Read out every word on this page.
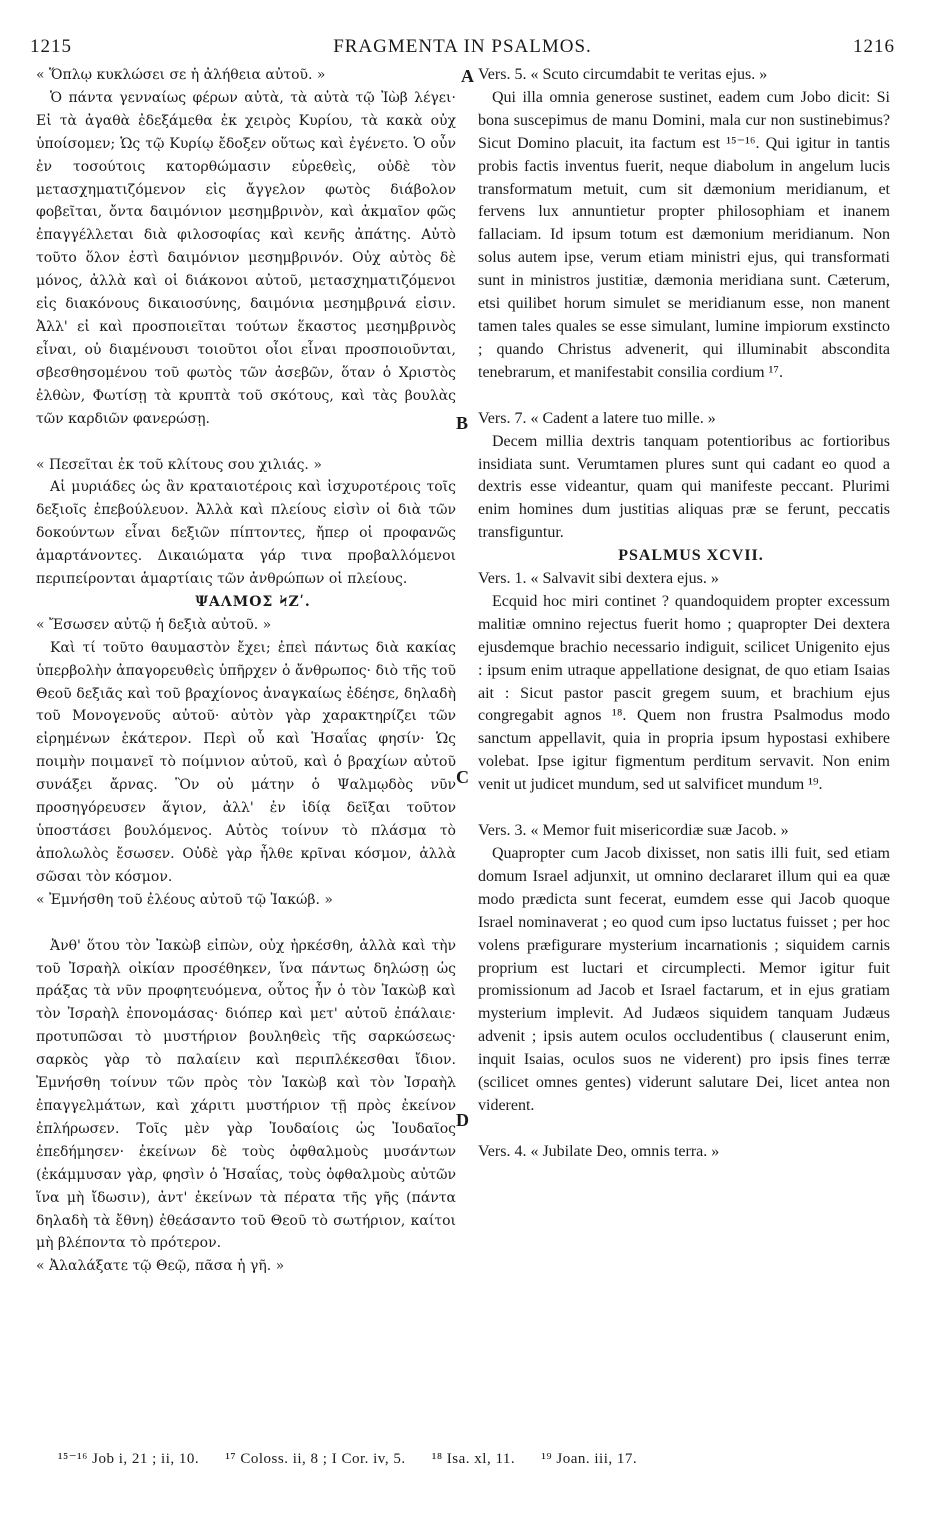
1215	FRAGMENTA IN PSALMOS.	1216
A
B
C
D

« Ὅπλῳ κυκλώσει σε ἡ ἀλήθεια αὐτοῦ. »

Ὁ πάντα γενναίως φέρων αὐτὰ, τὰ αὐτὰ τῷ Ἰὼβ λέγει· Εἰ τὰ ἀγαθὰ ἐδεξάμεθα ἐκ χειρὸς Κυρίου, τὰ κακὰ οὐχ ὑποίσομεν; Ὡς τῷ Κυρίῳ ἔδοξεν οὕτως καὶ ἐγένετο. Ὁ οὖν ἐν τοσούτοις κατορθώμασιν εὑρεθεὶς, οὐδὲ τὸν μετασχηματιζόμενον εἰς ἄγγελον φωτὸς διάβολον φοβεῖται, ὄντα δαιμόνιον μεσημβρινὸν, καὶ ἀκμαῖον φῶς ἐπαγγέλλεται διὰ φιλοσοφίας καὶ κενῆς ἀπάτης. Αὐτὸ τοῦτο ὅλον ἐστὶ δαιμόνιον μεσημβρινόν. Οὐχ αὐτὸς δὲ μόνος, ἀλλὰ καὶ οἱ διάκονοι αὐτοῦ, μετασχηματιζόμενοι εἰς διακόνους δικαιοσύνης, δαιμόνια μεσημβρινά εἰσιν. Ἀλλ' εἰ καὶ προσποιεῖται τούτων ἕκαστος μεσημβρινὸς εἶναι, οὐ διαμένουσι τοιοῦτοι οἷοι εἶναι προσποιοῦνται, σβεσθησομένου τοῦ φωτὸς τῶν ἀσεβῶν, ὅταν ὁ Χριστὸς ἐλθὼν, Φωτίσῃ τὰ κρυπτὰ τοῦ σκότους, καὶ τὰς βουλὰς τῶν καρδιῶν φανερώσῃ.

« Πεσεῖται ἐκ τοῦ κλίτους σου χιλιάς. »

Αἱ μυριάδες ὡς ἂν κραταιοτέροις καὶ ἰσχυροτέροις τοῖς δεξιοῖς ἐπεβούλευον. Ἀλλὰ καὶ πλείους εἰσὶν οἱ διὰ τῶν δοκούντων εἶναι δεξιῶν πίπτοντες, ἤπερ οἱ προφανῶς ἁμαρτάνοντες. Δικαιώματα γάρ τινα προβαλλόμενοι περιπείρονται ἁμαρτίαις τῶν ἀνθρώπων οἱ πλείους.

ΨΑΛΜΟΣ ϞΖʹ.

« Ἔσωσεν αὐτῷ ἡ δεξιὰ αὐτοῦ. »

Καὶ τί τοῦτο θαυμαστὸν ἔχει; ἐπεὶ πάντως διὰ κακίας ὑπερβολὴν ἀπαγορευθεὶς ὑπῆρχεν ὁ ἄνθρωπος· διὸ τῆς τοῦ Θεοῦ δεξιᾶς καὶ τοῦ βραχίονος ἀναγκαίως ἐδέησε, δηλαδὴ τοῦ Μονογενοῦς αὐτοῦ· αὐτὸν γὰρ χαρακτηρίζει τῶν εἰρημένων ἑκάτερον. Περὶ οὗ καὶ Ἡσαΐας φησίν· Ὡς ποιμὴν ποιμανεῖ τὸ ποίμνιον αὐτοῦ, καὶ ὁ βραχίων αὐτοῦ συνάξει ἄρνας. Ὃν οὐ μάτην ὁ Ψαλμῳδὸς νῦν προσηγόρευσεν ἅγιον, ἀλλ' ἐν ἰδίᾳ δεῖξαι τοῦτον ὑποστάσει βουλόμενος. Αὐτὸς τοίνυν τὸ πλάσμα τὸ ἀπολωλὸς ἔσωσεν. Οὐδὲ γὰρ ἦλθε κρῖναι κόσμον, ἀλλὰ σῶσαι τὸν κόσμον.

« Ἐμνήσθη τοῦ ἐλέους αὐτοῦ τῷ Ἰακώβ. »

Ἀνθ' ὅτου τὸν Ἰακὼβ εἰπὼν, οὐχ ἠρκέσθη, ἀλλὰ καὶ τὴν τοῦ Ἰσραὴλ οἰκίαν προσέθηκεν, ἵνα πάντως δηλώσῃ ὡς πράξας τὰ νῦν προφητευόμενα, οὗτος ἦν ὁ τὸν Ἰακὼβ καὶ τὸν Ἰσραὴλ ἐπονομάσας· διόπερ καὶ μετ' αὐτοῦ ἐπάλαιε· προτυπῶσαι τὸ μυστήριον βουληθεὶς τῆς σαρκώσεως· σαρκὸς γὰρ τὸ παλαίειν καὶ περιπλέκεσθαι ἴδιον. Ἐμνήσθη τοίνυν τῶν πρὸς τὸν Ἰακὼβ καὶ τὸν Ἰσραὴλ ἐπαγγελμάτων, καὶ χάριτι μυστήριον τῇ πρὸς ἐκείνον ἐπλήρωσεν. Τοῖς μὲν γὰρ Ἰουδαίοις ὡς Ἰουδαῖος ἐπεδήμησεν· ἐκείνων δὲ τοὺς ὀφθαλμοὺς μυσάντων (ἐκάμμυσαν γὰρ, φησὶν ὁ Ἡσαΐας, τοὺς ὀφθαλμοὺς αὐτῶν ἵνα μὴ ἴδωσιν), ἀντ' ἐκείνων τὰ πέρατα τῆς γῆς (πάντα δηλαδὴ τὰ ἔθνη) ἐθεάσαντο τοῦ Θεοῦ τὸ σωτήριον, καίτοι μὴ βλέποντα τὸ πρότερον.

« Ἀλαλάξατε τῷ Θεῷ, πᾶσα ἡ γῆ. »

Vers. 5. « Scuto circumdabit te veritas ejus. »

Qui illa omnia generose sustinet, eadem cum Jobo dicit: Si bona suscepimus de manu Domini, mala cur non sustinebimus? Sicut Domino placuit, ita factum est ¹⁵⁻¹⁶. Qui igitur in tantis probis factis inventus fuerit, neque diabolum in angelum lucis transformatum metuit, cum sit dæmonium meridianum, et fervens lux annuntietur propter philosophiam et inanem fallaciam. Id ipsum totum est dæmonium meridianum. Non solus autem ipse, verum etiam ministri ejus, qui transformati sunt in ministros justitiæ, dæmonia meridiana sunt. Cæterum, etsi quilibet horum simulet se meridianum esse, non manent tamen tales quales se esse simulant, lumine impiorum exstincto ; quando Christus advenerit, qui illuminabit abscondita tenebrarum, et manifestabit consilia cordium ¹⁷.

Vers. 7. « Cadent a latere tuo mille. »

Decem millia dextris tanquam potentioribus ac fortioribus insidiata sunt. Verumtamen plures sunt qui cadant eo quod a dextris esse videantur, quam qui manifeste peccant. Plurimi enim homines dum justitias aliquas præ se ferunt, peccatis transfiguntur.

PSALMUS XCVII.

Vers. 1. « Salvavit sibi dextera ejus. »

Ecquid hoc miri continet ? quandoquidem propter excessum malitiæ omnino rejectus fuerit homo ; quapropter Dei dextera ejusdemque brachio necessario indiguit, scilicet Unigenito ejus : ipsum enim utraque appellatione designat, de quo etiam Isaias ait : Sicut pastor pascit gregem suum, et brachium ejus congregabit agnos ¹⁸. Quem non frustra Psalmodus modo sanctum appellavit, quia in propria ipsum hypostasi exhibere volebat. Ipse igitur figmentum perditum servavit. Non enim venit ut judicet mundum, sed ut salvificet mundum ¹⁹.

Vers. 3. « Memor fuit misericordiæ suæ Jacob. »

Quapropter cum Jacob dixisset, non satis illi fuit, sed etiam domum Israel adjunxit, ut omnino declararet illum qui ea quæ modo prædicta sunt fecerat, eumdem esse qui Jacob quoque Israel nominaverat ; eo quod cum ipso luctatus fuisset ; per hoc volens præfigurare mysterium incarnationis ; siquidem carnis proprium est luctari et circumplecti. Memor igitur fuit promissionum ad Jacob et Israel factarum, et in ejus gratiam mysterium implevit. Ad Judæos siquidem tanquam Judæus advenit ; ipsis autem oculos occludentibus ( clauserunt enim, inquit Isaias, oculos suos ne viderent) pro ipsis fines terræ (scilicet omnes gentes) viderunt salutare Dei, licet antea non viderent.

Vers. 4. « Jubilate Deo, omnis terra. »

¹⁵⁻¹⁶ Job i, 21 ; ii, 10. ¹⁷ Coloss. ii, 8 ; I Cor. iv, 5. ¹⁸ Isa. xl, 11. ¹⁹ Joan. iii, 17.
